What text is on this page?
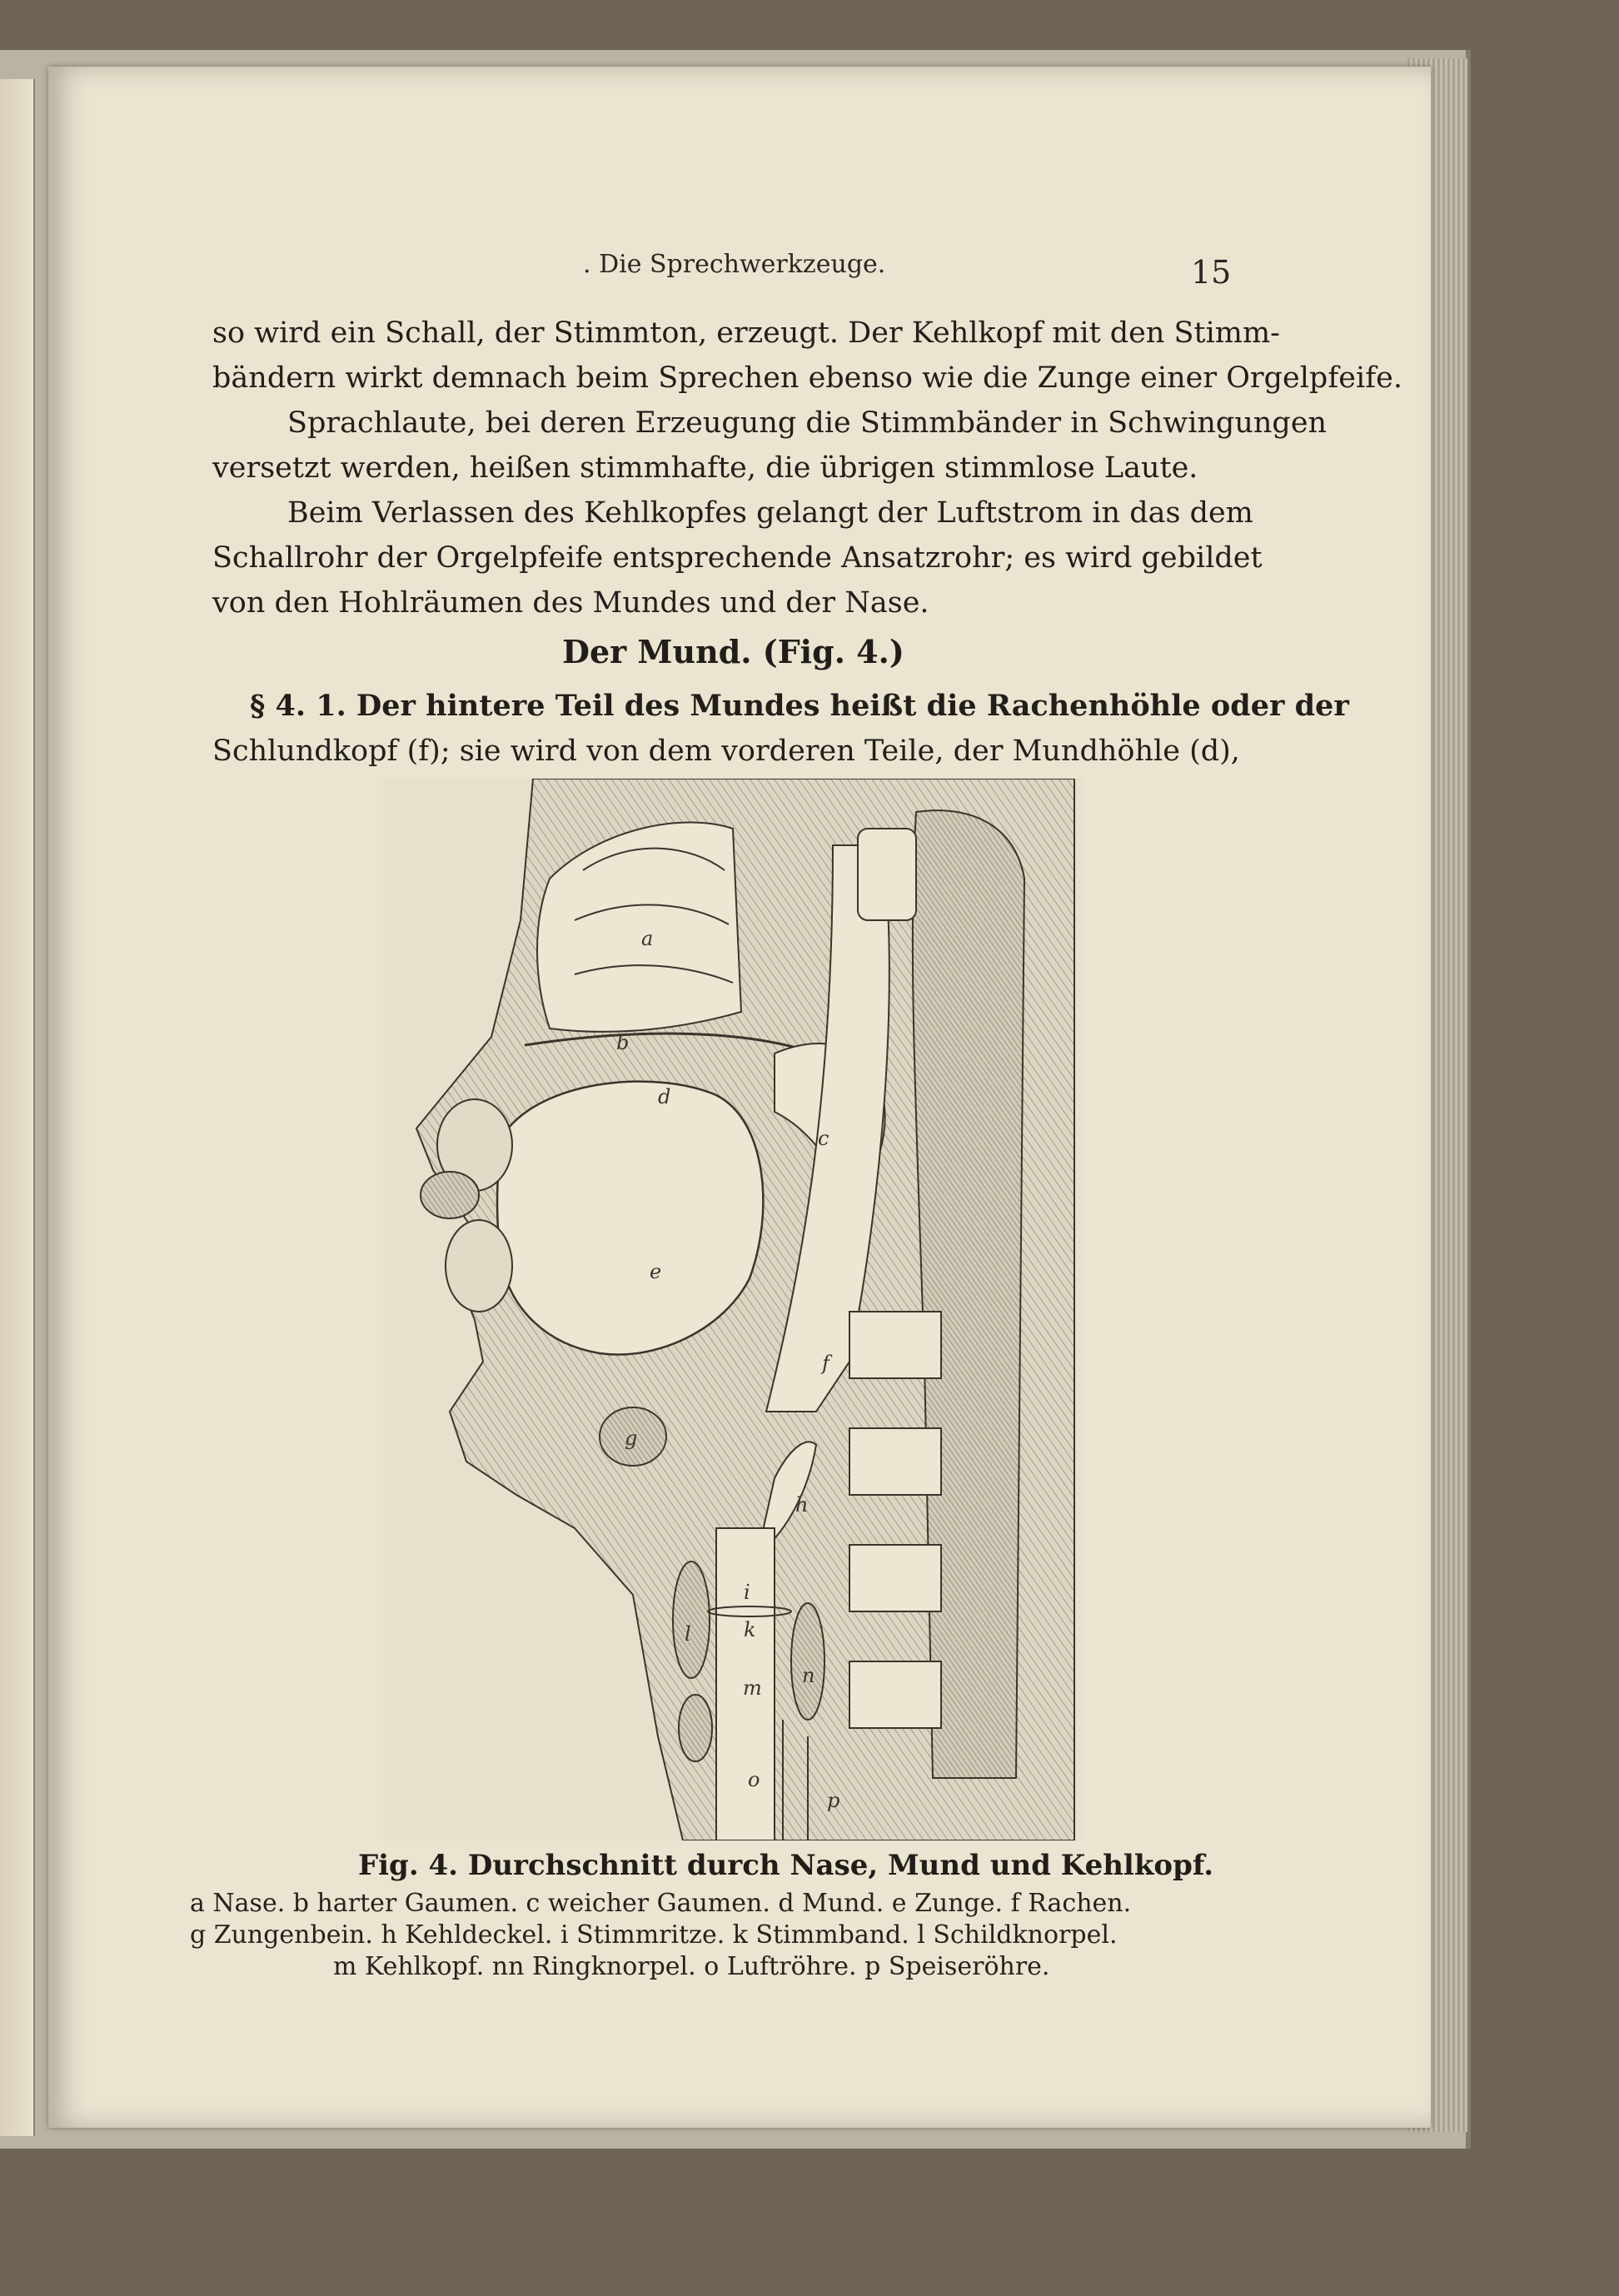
. Die Sprechwerkzeuge.	15
so wird ein Schall, der Stimmton, erzeugt. Der Kehlkopf mit den Stimm-
bändern wirkt demnach beim Sprechen ebenso wie die Zunge einer Orgelpfeife.
Sprachlaute, bei deren Erzeugung die Stimmbänder in Schwingungen
versetzt werden, heißen stimmhafte, die übrigen stimmlose Laute.
Beim Verlassen des Kehlkopfes gelangt der Luftstrom in das dem
Schallrohr der Orgelpfeife entsprechende Ansatzrohr; es wird gebildet
von den Hohlräumen des Mundes und der Nase.
Der Mund. (Fig. 4.)
§ 4. 1. Der hintere Teil des Mundes heißt die Rachenhöhle oder der
Schlundkopf (f); sie wird von dem vorderen Teile, der Mundhöhle (d),
a
b
c
d
e
f
g
h
i
k
l
m
n
o
p
Fig. 4. Durchschnitt durch Nase, Mund und Kehlkopf.
a Nase. b harter Gaumen. c weicher Gaumen. d Mund. e Zunge. f Rachen.
g Zungenbein. h Kehldeckel. i Stimmritze. k Stimmband. l Schildknorpel.
m Kehlkopf. nn Ringknorpel. o Luftröhre. p Speiseröhre.
